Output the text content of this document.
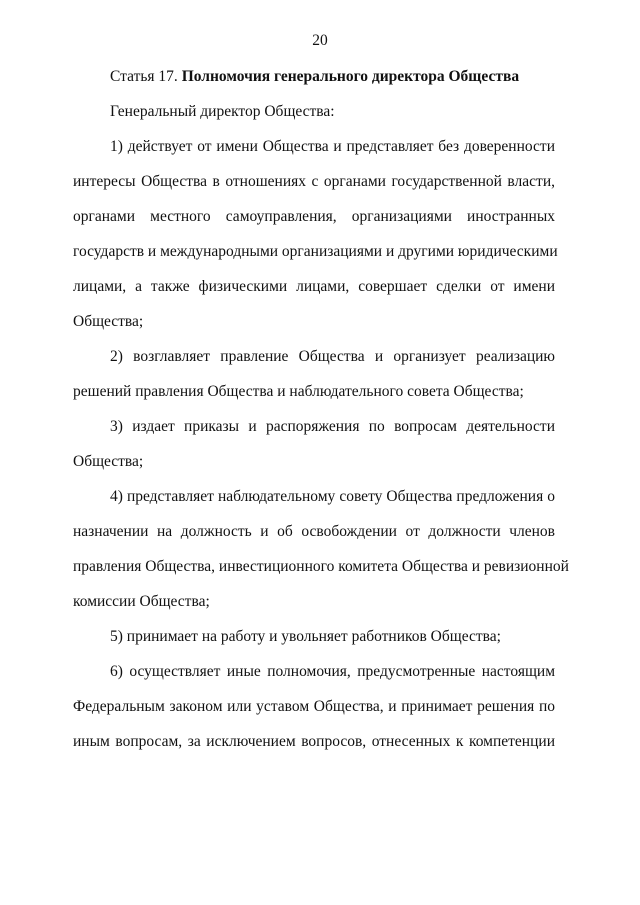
20
Статья 17. Полномочия генерального директора Общества
Генеральный директор Общества:
1) действует от имени Общества и представляет без доверенности
интересы Общества в отношениях с органами государственной власти,
органами местного самоуправления, организациями иностранных
государств и международными организациями и другими юридическими
лицами, а также физическими лицами, совершает сделки от имени
Общества;
2) возглавляет правление Общества и организует реализацию
решений правления Общества и наблюдательного совета Общества;
3) издает приказы и распоряжения по вопросам деятельности
Общества;
4) представляет наблюдательному совету Общества предложения о
назначении на должность и об освобождении от должности членов
правления Общества, инвестиционного комитета Общества и ревизионной
комиссии Общества;
5) принимает на работу и увольняет работников Общества;
6) осуществляет иные полномочия, предусмотренные настоящим
Федеральным законом или уставом Общества, и принимает решения по
иным вопросам, за исключением вопросов, отнесенных к компетенции
